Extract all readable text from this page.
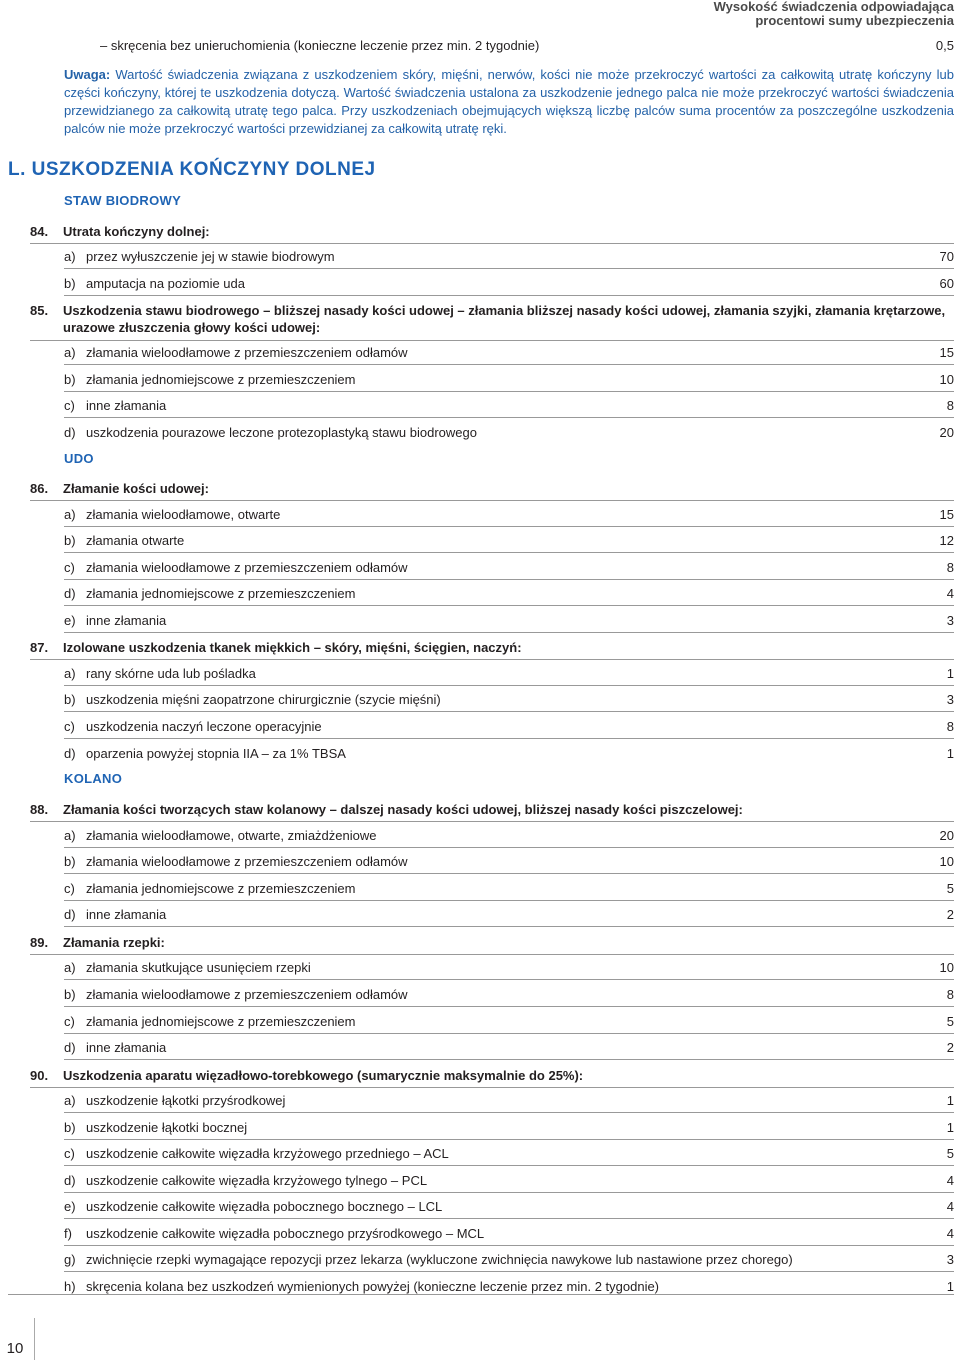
Wysokość świadczenia odpowiadająca
procentowi sumy ubezpieczenia
– skręcenia bez unieruchomienia (konieczne leczenie przez min. 2 tygodnie)	0,5
Uwaga: Wartość świadczenia związana z uszkodzeniem skóry, mięśni, nerwów, kości nie może przekroczyć wartości za całkowitą utratę kończyny lub części kończyny, której te uszkodzenia dotyczą. Wartość świadczenia ustalona za uszkodzenie jednego palca nie może przekroczyć wartości świadczenia przewidzianego za całkowitą utratę tego palca. Przy uszkodzeniach obejmujących większą liczbę palców suma procentów za poszczególne uszkodzenia palców nie może przekroczyć wartości przewidzianej za całkowitą utratę ręki.
L. USZKODZENIA KOŃCZYNY DOLNEJ
STAW BIODROWY
UDO
KOLANO
84.	Utrata kończyny dolnej:
85.	Uszkodzenia stawu biodrowego – bliższej nasady kości udowej – złamania bliższej nasady kości udowej, złamania szyjki, złamania krętarzowe, urazowe złuszczenia głowy kości udowej:
86.	Złamanie kości udowej:
87.	Izolowane uszkodzenia tkanek miękkich – skóry, mięśni, ścięgien, naczyń:
88.	Złamania kości tworzących staw kolanowy – dalszej nasady kości udowej, bliższej nasady kości piszczelowej:
89.	Złamania rzepki:
90.	Uszkodzenia aparatu więzadłowo-torebkowego (sumarycznie maksymalnie do 25%):
a) przez wyłuszczenie jej w stawie biodrowym	70
b) amputacja na poziomie uda	60
a) złamania wieloodłamowe z przemieszczeniem odłamów	15
b) złamania jednomiejscowe z przemieszczeniem	10
c) inne złamania	8
d) uszkodzenia pourazowe leczone protezoplastyką stawu biodrowego	20
a) złamania wieloodłamowe, otwarte	15
b) złamania otwarte	12
c) złamania wieloodłamowe z przemieszczeniem odłamów	8
d) złamania jednomiejscowe z przemieszczeniem	4
e) inne złamania	3
a) rany skórne uda lub pośladka	1
b) uszkodzenia mięśni zaopatrzone chirurgicznie (szycie mięśni)	3
c) uszkodzenia naczyń leczone operacyjnie	8
d) oparzenia powyżej stopnia IIA – za 1% TBSA	1
a) złamania wieloodłamowe, otwarte, zmiażdżeniowe	20
b) złamania wieloodłamowe z przemieszczeniem odłamów	10
c) złamania jednomiejscowe z przemieszczeniem	5
d) inne złamania	2
a) złamania skutkujące usunięciem rzepki	10
b) złamania wieloodłamowe z przemieszczeniem odłamów	8
c) złamania jednomiejscowe z przemieszczeniem	5
d) inne złamania	2
a) uszkodzenie łąkotki przyśrodkowej	1
b) uszkodzenie łąkotki bocznej	1
c) uszkodzenie całkowite więzadła krzyżowego przedniego – ACL	5
d) uszkodzenie całkowite więzadła krzyżowego tylnego – PCL	4
e) uszkodzenie całkowite więzadła pobocznego bocznego – LCL	4
f)	uszkodzenie całkowite więzadła pobocznego przyśrodkowego – MCL	4
g) zwichnięcie rzepki wymagające repozycji przez lekarza (wykluczone zwichnięcia nawykowe lub nastawione przez chorego)	3
h) skręcenia kolana bez uszkodzeń wymienionych powyżej (konieczne leczenie przez min. 2 tygodnie)	1
10
